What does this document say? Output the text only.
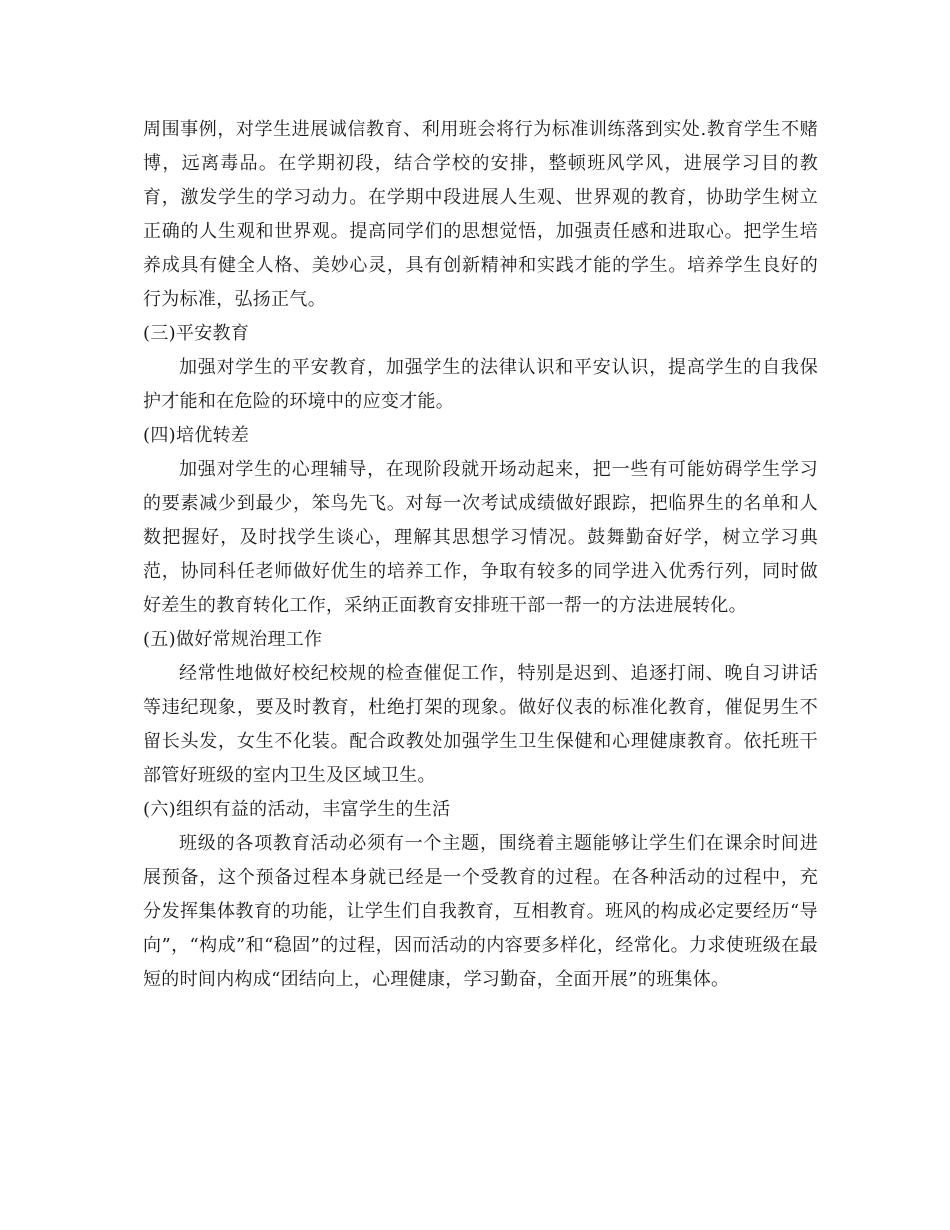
周围事例，对学生进展诚信教育、利用班会将行为标准训练落到实处.教育学生不赌博，远离毒品。在学期初段，结合学校的安排，整顿班风学风，进展学习目的教育，激发学生的学习动力。在学期中段进展人生观、世界观的教育，协助学生树立正确的人生观和世界观。提高同学们的思想觉悟，加强责任感和进取心。把学生培养成具有健全人格、美妙心灵，具有创新精神和实践才能的学生。培养学生良好的行为标准，弘扬正气。

(三)平安教育

加强对学生的平安教育，加强学生的法律认识和平安认识，提高学生的自我保护才能和在危险的环境中的应变才能。

(四)培优转差

加强对学生的心理辅导，在现阶段就开场动起来，把一些有可能妨碍学生学习的要素减少到最少，笨鸟先飞。对每一次考试成绩做好跟踪，把临界生的名单和人数把握好，及时找学生谈心，理解其思想学习情况。鼓舞勤奋好学，树立学习典范，协同科任老师做好优生的培养工作，争取有较多的同学进入优秀行列，同时做好差生的教育转化工作，采纳正面教育安排班干部一帮一的方法进展转化。

(五)做好常规治理工作

经常性地做好校纪校规的检查催促工作，特别是迟到、追逐打闹、晚自习讲话等违纪现象，要及时教育，杜绝打架的现象。做好仪表的标准化教育，催促男生不留长头发，女生不化装。配合政教处加强学生卫生保健和心理健康教育。依托班干部管好班级的室内卫生及区域卫生。

(六)组织有益的活动，丰富学生的生活

班级的各项教育活动必须有一个主题，围绕着主题能够让学生们在课余时间进展预备，这个预备过程本身就已经是一个受教育的过程。在各种活动的过程中，充分发挥集体教育的功能，让学生们自我教育，互相教育。班风的构成必定要经历“导向”，“构成”和“稳固”的过程，因而活动的内容要多样化，经常化。力求使班级在最短的时间内构成“团结向上，心理健康，学习勤奋，全面开展”的班集体。
